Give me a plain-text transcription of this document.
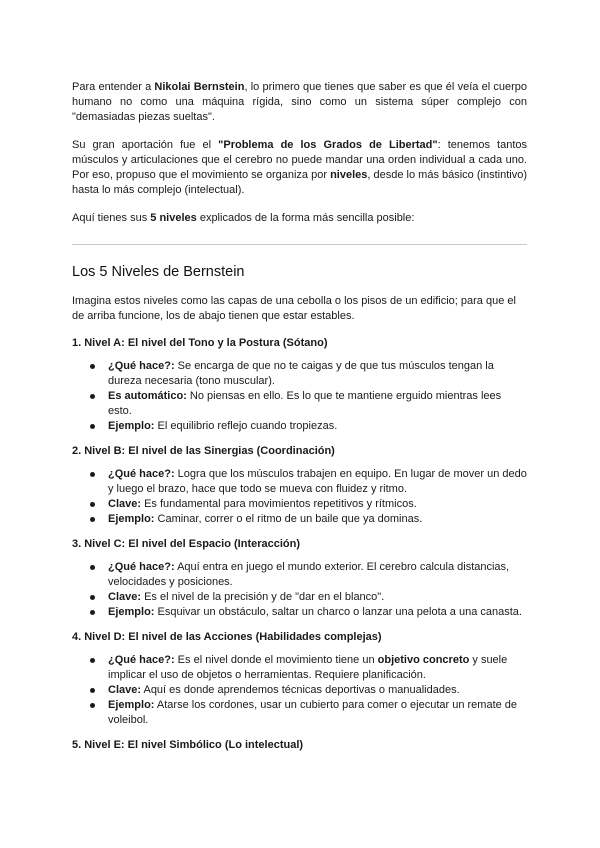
Para entender a Nikolai Bernstein, lo primero que tienes que saber es que él veía el cuerpo humano no como una máquina rígida, sino como un sistema súper complejo con "demasiadas piezas sueltas".

Su gran aportación fue el "Problema de los Grados de Libertad": tenemos tantos músculos y articulaciones que el cerebro no puede mandar una orden individual a cada uno. Por eso, propuso que el movimiento se organiza por niveles, desde lo más básico (instintivo) hasta lo más complejo (intelectual).

Aquí tienes sus 5 niveles explicados de la forma más sencilla posible:

Los 5 Niveles de Bernstein

Imagina estos niveles como las capas de una cebolla o los pisos de un edificio; para que el de arriba funcione, los de abajo tienen que estar estables.

1. Nivel A: El nivel del Tono y la Postura (Sótano)
¿Qué hace?: Se encarga de que no te caigas y de que tus músculos tengan la dureza necesaria (tono muscular).
Es automático: No piensas en ello. Es lo que te mantiene erguido mientras lees esto.
Ejemplo: El equilibrio reflejo cuando tropiezas.
2. Nivel B: El nivel de las Sinergias (Coordinación)
¿Qué hace?: Logra que los músculos trabajen en equipo. En lugar de mover un dedo y luego el brazo, hace que todo se mueva con fluidez y ritmo.
Clave: Es fundamental para movimientos repetitivos y rítmicos.
Ejemplo: Caminar, correr o el ritmo de un baile que ya dominas.
3. Nivel C: El nivel del Espacio (Interacción)
¿Qué hace?: Aquí entra en juego el mundo exterior. El cerebro calcula distancias, velocidades y posiciones.
Clave: Es el nivel de la precisión y de "dar en el blanco".
Ejemplo: Esquivar un obstáculo, saltar un charco o lanzar una pelota a una canasta.
4. Nivel D: El nivel de las Acciones (Habilidades complejas)
¿Qué hace?: Es el nivel donde el movimiento tiene un objetivo concreto y suele implicar el uso de objetos o herramientas. Requiere planificación.
Clave: Aquí es donde aprendemos técnicas deportivas o manualidades.
Ejemplo: Atarse los cordones, usar un cubierto para comer o ejecutar un remate de voleibol.
5. Nivel E: El nivel Simbólico (Lo intelectual)
